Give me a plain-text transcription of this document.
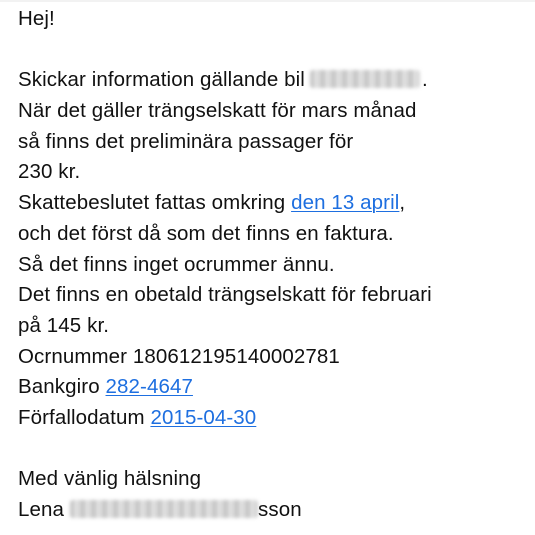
Hej!
Skickar information gällande bil	.
När det gäller trängselskatt för mars månad
så finns det preliminära passager för
230 kr.
Skattebeslutet fattas omkring den 13 april,
och det först då som det finns en faktura.
Så det finns inget ocrummer ännu.
Det finns en obetald trängselskatt för februari
på 145 kr.
Ocrnummer 180612195140002781
Bankgiro 282-4647
Förfallodatum 2015-04-30
Med vänlig hälsning
Lena	sson
